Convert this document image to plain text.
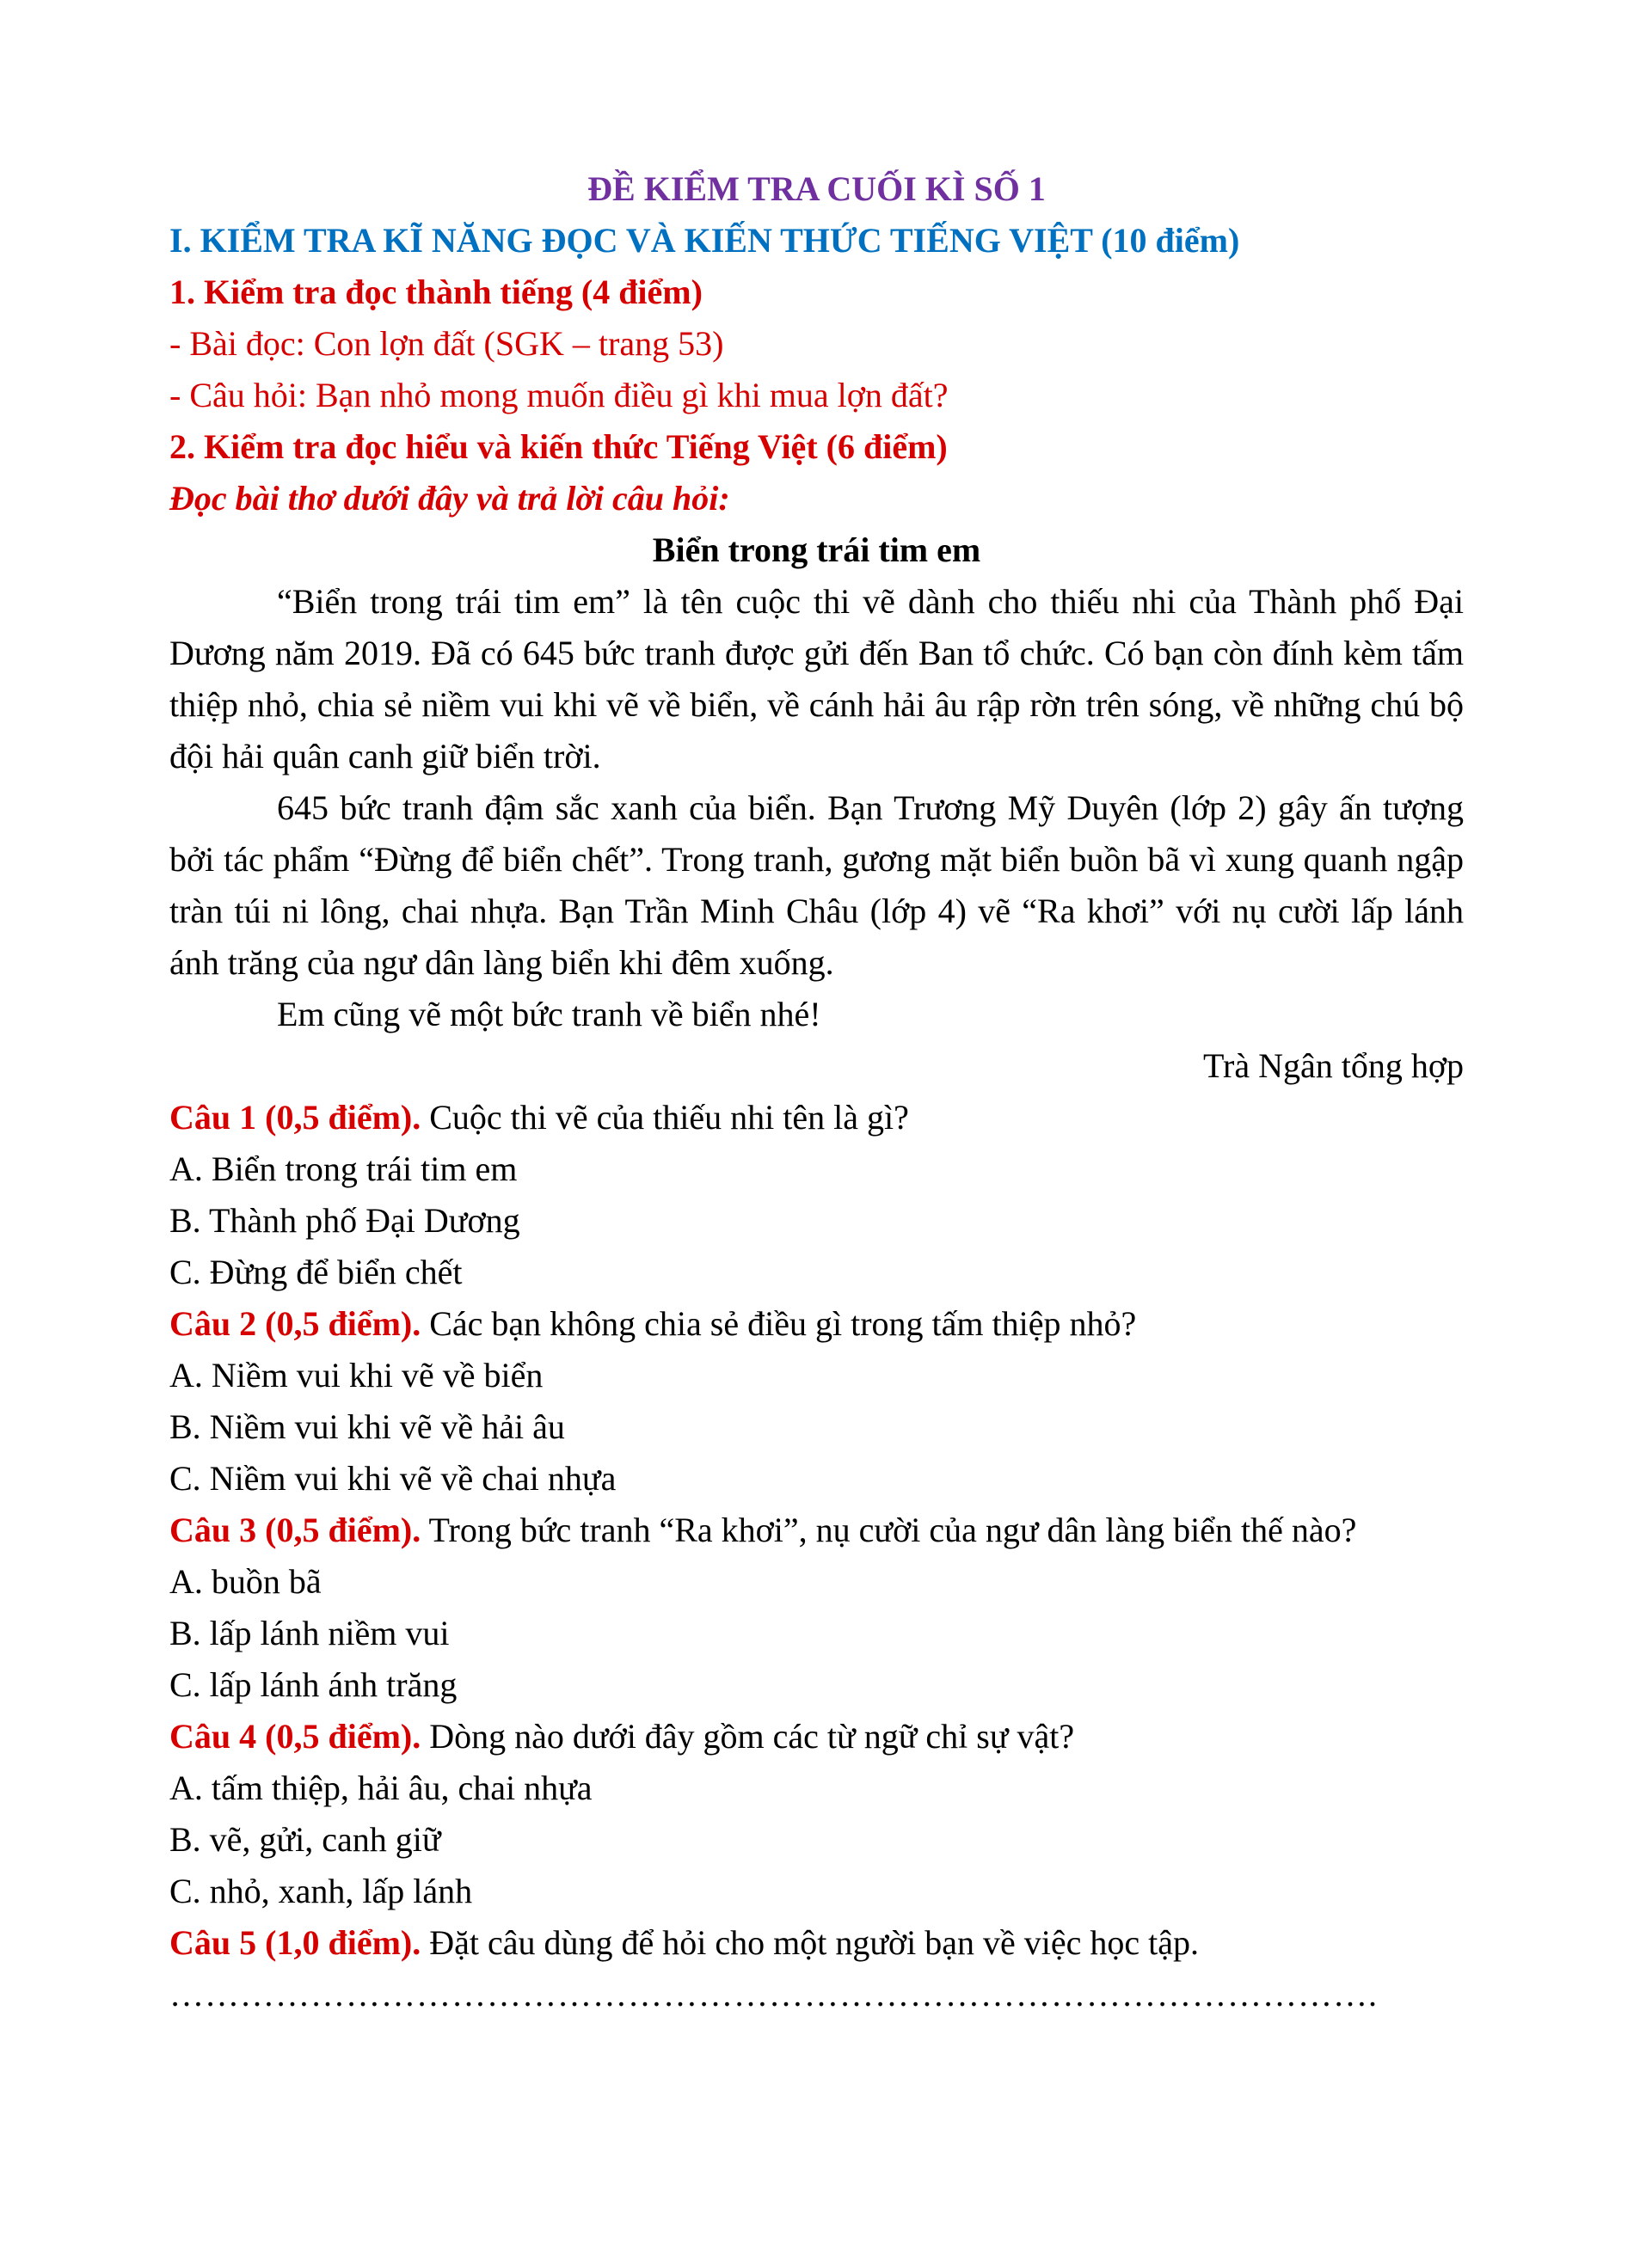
ĐỀ KIỂM TRA CUỐI KÌ SỐ 1
I. KIỂM TRA KĨ NĂNG ĐỌC VÀ KIẾN THỨC TIẾNG VIỆT (10 điểm)
1. Kiểm tra đọc thành tiếng (4 điểm)
- Bài đọc: Con lợn đất (SGK – trang 53)
- Câu hỏi: Bạn nhỏ mong muốn điều gì khi mua lợn đất?
2. Kiểm tra đọc hiểu và kiến thức Tiếng Việt (6 điểm)
Đọc bài thơ dưới đây và trả lời câu hỏi:
Biển trong trái tim em
“Biển trong trái tim em” là tên cuộc thi vẽ dành cho thiếu nhi của Thành phố Đại Dương năm 2019. Đã có 645 bức tranh được gửi đến Ban tổ chức. Có bạn còn đính kèm tấm thiệp nhỏ, chia sẻ niềm vui khi vẽ về biển, về cánh hải âu rập rờn trên sóng, về những chú bộ đội hải quân canh giữ biển trời.
645 bức tranh đậm sắc xanh của biển. Bạn Trương Mỹ Duyên (lớp 2) gây ấn tượng bởi tác phẩm “Đừng để biển chết”. Trong tranh, gương mặt biển buồn bã vì xung quanh ngập tràn túi ni lông, chai nhựa. Bạn Trần Minh Châu (lớp 4) vẽ “Ra khơi” với nụ cười lấp lánh ánh trăng của ngư dân làng biển khi đêm xuống.
Em cũng vẽ một bức tranh về biển nhé!
Trà Ngân tổng hợp
Câu 1 (0,5 điểm). Cuộc thi vẽ của thiếu nhi tên là gì?
A. Biển trong trái tim em
B. Thành phố Đại Dương
C. Đừng để biển chết
Câu 2 (0,5 điểm). Các bạn không chia sẻ điều gì trong tấm thiệp nhỏ?
A. Niềm vui khi vẽ về biển
B. Niềm vui khi vẽ về hải âu
C. Niềm vui khi vẽ về chai nhựa
Câu 3 (0,5 điểm). Trong bức tranh “Ra khơi”, nụ cười của ngư dân làng biển thế nào?
A. buồn bã
B. lấp lánh niềm vui
C. lấp lánh ánh trăng
Câu 4 (0,5 điểm). Dòng nào dưới đây gồm các từ ngữ chỉ sự vật?
A. tấm thiệp, hải âu, chai nhựa
B. vẽ, gửi, canh giữ
C. nhỏ, xanh, lấp lánh
Câu 5 (1,0 điểm). Đặt câu dùng để hỏi cho một người bạn về việc học tập.
………………………………………………………………………………………….
